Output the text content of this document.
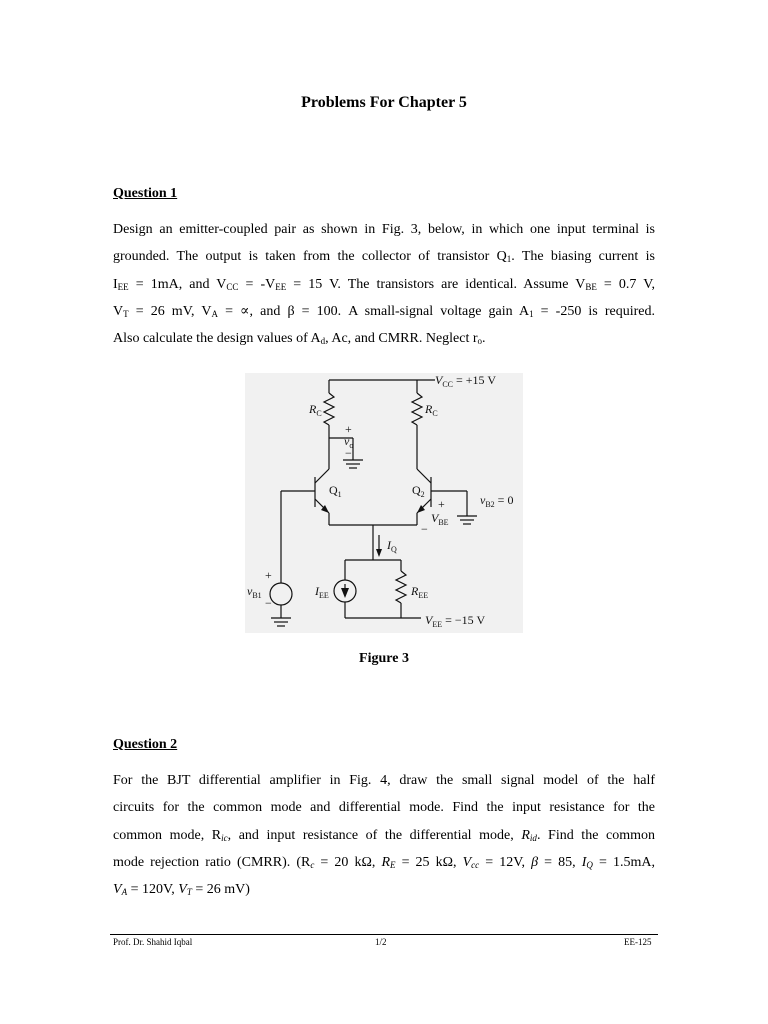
Problems For Chapter 5
Question 1
Design an emitter-coupled pair as shown in Fig. 3, below, in which one input terminal is
grounded. The output is taken from the collector of transistor $Q_1$. The biasing current is
$I_{EE} = 1mA$, and $V_{CC} = -V_{EE} = 15$ V. The transistors are identical. Assume $V_{BE} = 0.7$ V,
$V_T = 26$ mV, $V_A$ = ∝, and β = 100. A small-signal voltage gain $A_1 = -250$ is required.
Also calculate the design values of $A_d$, Ac, and CMRR. Neglect $r_o$.
$V_{CC} = +15$ V
$R_C$	$R_C$
+
$v_o$
−
$Q_1$	$Q_2$	$v_{B2} = 0$
+
$V_{BE}$
−
$I_Q$
+
$v_{B1}$
−
$I_{EE}$	$R_{EE}$
$V_{EE} = -15$ V
Figure 3
Question 2
For the BJT differential amplifier in Fig. 4, draw the small signal model of the half
circuits for the common mode and differential mode. Find the input resistance for the
common mode, $R_{ic}$, and input resistance of the differential mode, $R_{id}$. Find the common
mode rejection ratio (CMRR). ($R_c = 20$ kΩ, $R_E = 25$ kΩ, $V_{cc} = 12V$, β = 85, $I_Q = 1.5mA$,
$V_A = 120V$, $V_T = 26$ mV)
Prof. Dr. Shahid Iqbal	1/2	EE-125
